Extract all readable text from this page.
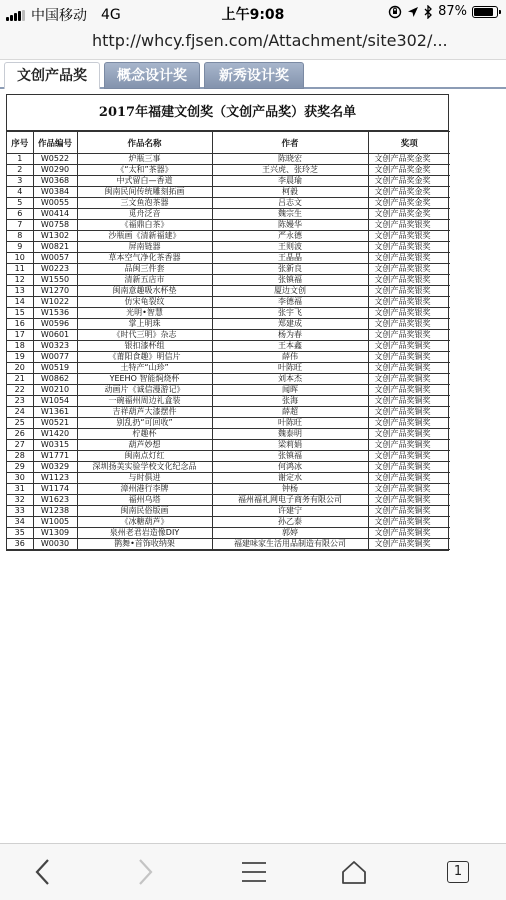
中国移动 4G	上午9:08	87%
http://whcy.fjsen.com/Attachment/site302/...
文创产品奖	概念设计奖	新秀设计奖
2017年福建文创奖（文创产品奖）获奖名单
序号	作品编号	作品名称	作者	奖项
1	W0522	炉瓶三事	陈晓宏	文创产品奖金奖
2	W0290	《“太和”茶器》	王兴虎、张玲芝	文创产品奖金奖
3	W0368	中式留白—香道	李晨瑜	文创产品奖金奖
4	W0384	闽南民间传统雕刻拓画	柯毅	文创产品奖金奖
5	W0055	三文鱼泡茶器	吕志文	文创产品奖金奖
6	W0414	觅舟泛音	魏宗生	文创产品奖金奖
7	W0758	《福鼎白茶》	陈嫚华	文创产品奖银奖
8	W1302	沙瓶画《清新福建》	严永德	文创产品奖银奖
9	W0821	屏南链器	王则波	文创产品奖银奖
10	W0057	草本空气净化茶香器	王晶晶	文创产品奖银奖
11	W0223	品闽三件套	张新良	文创产品奖银奖
12	W1550	清新五店市	张镇福	文创产品奖银奖
13	W1270	闽南意趣吸水杯垫	厦边文创	文创产品奖银奖
14	W1022	仿宋龟裂纹	李德福	文创产品奖银奖
15	W1536	光明•智慧	张宇飞	文创产品奖银奖
16	W0596	掌上明珠	郑建成	文创产品奖银奖
17	W0601	《时代三明》杂志	杨为春	文创产品奖银奖
18	W0323	银扣漆杯组	王本鑫	文创产品奖铜奖
19	W0077	《莆阳食趣》明信片	薛伟	文创产品奖铜奖
20	W0519	土特产“山珍”	叶陈旺	文创产品奖铜奖
21	W0862	YEEHO 智能焖烧杯	刘本杰	文创产品奖铜奖
22	W0210	动画片《诚信漫游记》	闻晖	文创产品奖铜奖
23	W1054	一碗福州周边礼盒装	张海	文创产品奖铜奖
24	W1361	吉祥葫芦大漆摆件	薛超	文创产品奖铜奖
25	W0521	别乱扔“可回收”	叶陈旺	文创产品奖铜奖
26	W1420	柠趣杯	魏泰明	文创产品奖铜奖
27	W0315	葫芦妙想	梁莉娟	文创产品奖铜奖
28	W1771	闽南点灯红	张镇福	文创产品奖铜奖
29	W0329	深圳扬美实验学校文化纪念品	何鸿冰	文创产品奖铜奖
30	W1123	与时俱进	谢定水	文创产品奖铜奖
31	W1174	漳州港行李牌	钟杨	文创产品奖铜奖
32	W1623	福州乌塔	福州福礼网电子商务有限公司	文创产品奖铜奖
33	W1238	闽南民俗版画	许建宁	文创产品奖铜奖
34	W1005	《冰糖葫芦》	孙乙泰	文创产品奖铜奖
35	W1309	泉州老君岩造像DIY	郭婷	文创产品奖铜奖
36	W0030	鹊舞•首饰收纳架	福建味家生活用品制造有限公司	文创产品奖铜奖
1
